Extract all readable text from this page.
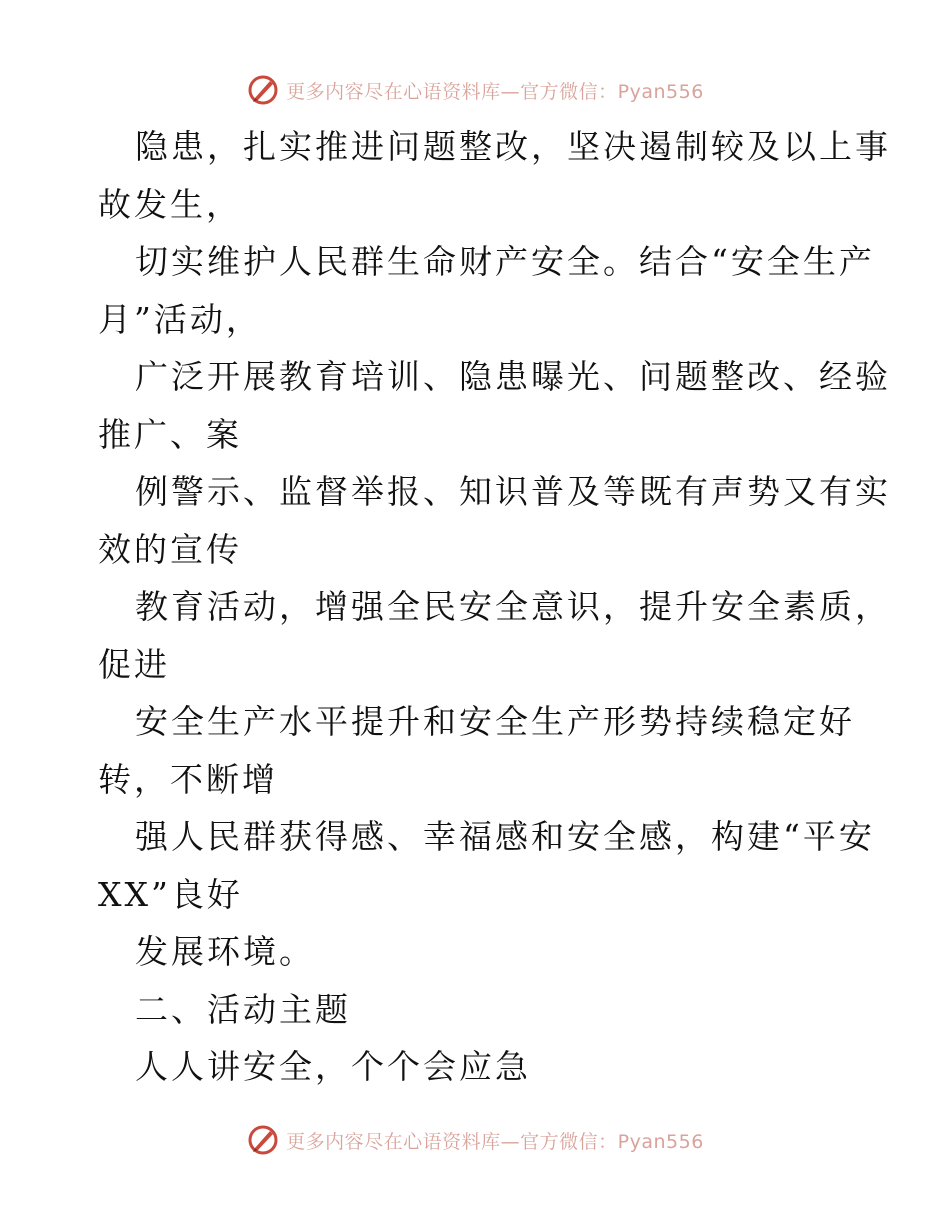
更多内容尽在心语资料库—官方微信：Pyan556
隐患，扎实推进问题整改，坚决遏制较及以上事
故发生，
切实维护人民群生命财产安全。结合“安全生产
月”活动，
广泛开展教育培训、隐患曝光、问题整改、经验
推广、案
例警示、监督举报、知识普及等既有声势又有实
效的宣传
教育活动，增强全民安全意识，提升安全素质，
促进
安全生产水平提升和安全生产形势持续稳定好
转，不断增
强人民群获得感、幸福感和安全感，构建“平安
XX”良好
发展环境。
二、活动主题
人人讲安全，个个会应急
更多内容尽在心语资料库—官方微信：Pyan556
